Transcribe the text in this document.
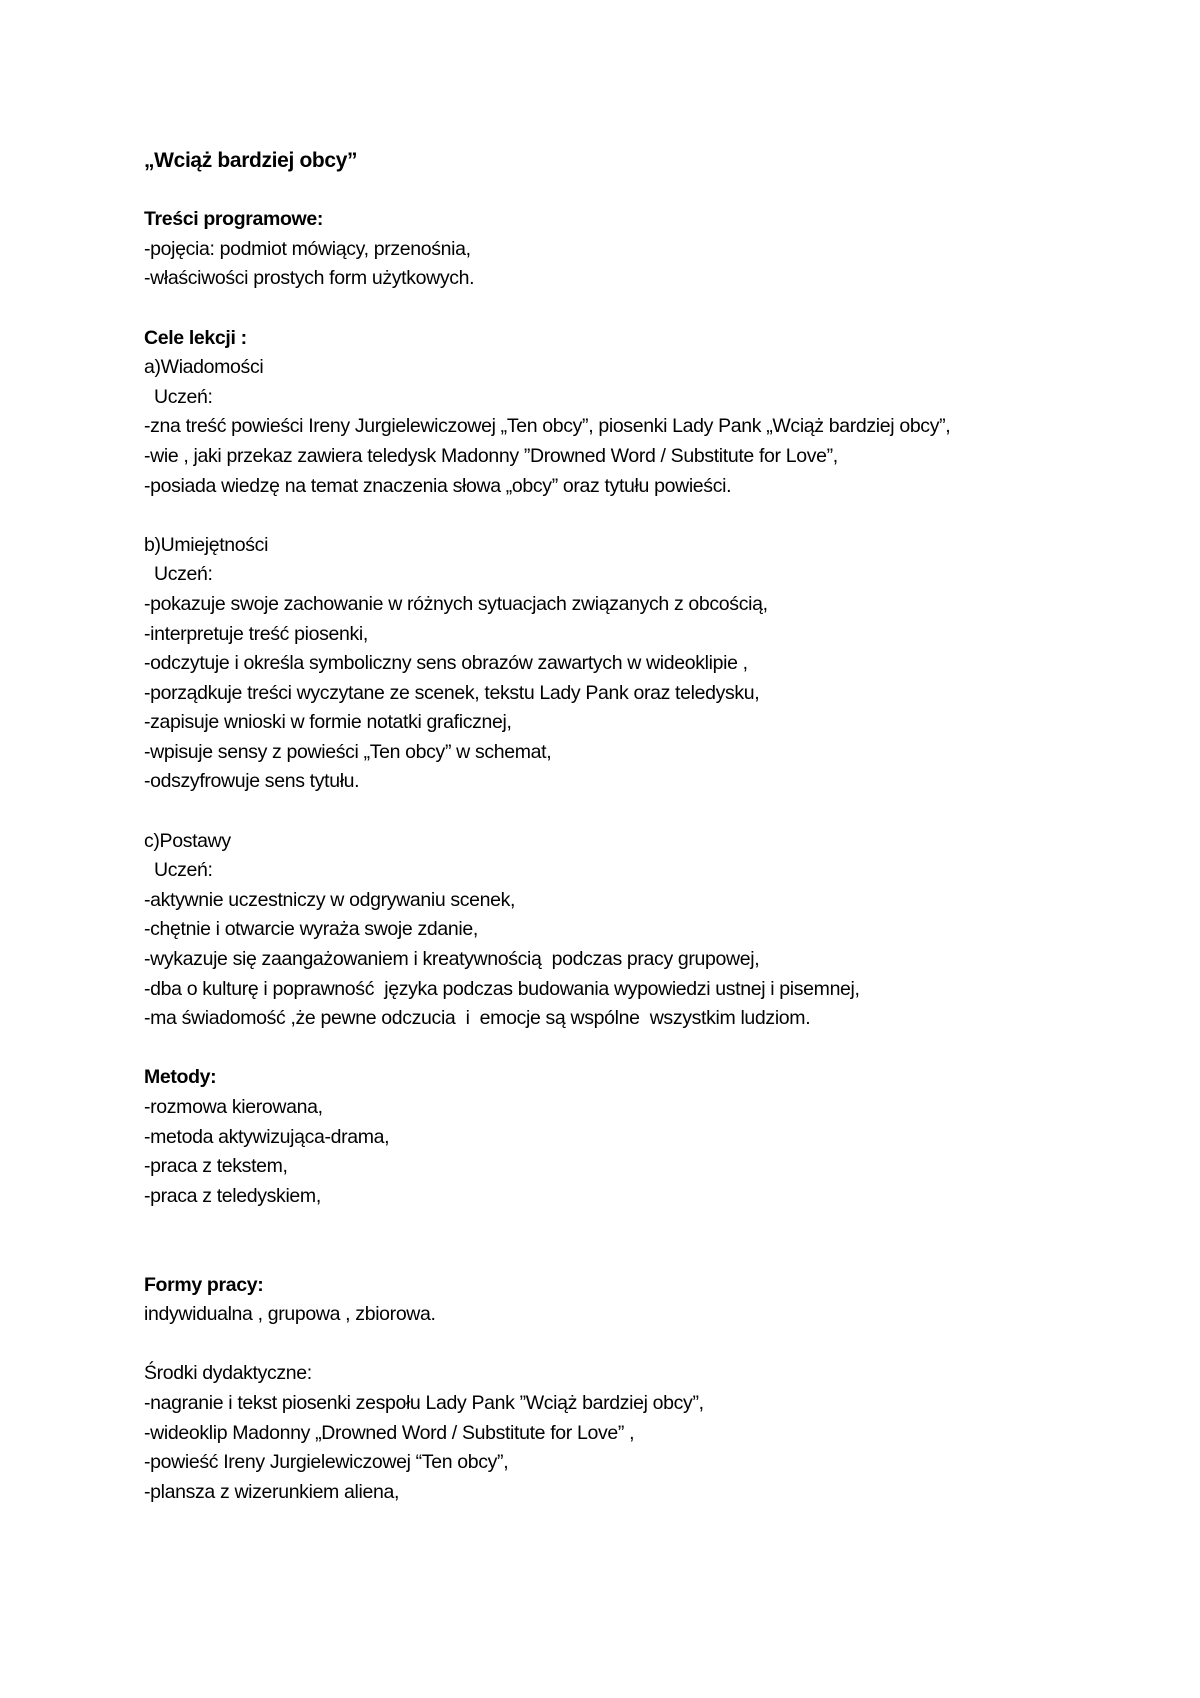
„Wciąż bardziej obcy”
Treści programowe:
-pojęcia: podmiot mówiący, przenośnia,
-właściwości prostych form użytkowych.
Cele lekcji :
a)Wiadomości
Uczeń:
-zna treść powieści Ireny Jurgielewiczowej „Ten obcy”, piosenki Lady Pank „Wciąż bardziej obcy”,
-wie , jaki przekaz zawiera teledysk Madonny ”Drowned Word / Substitute for Love”,
-posiada wiedzę na temat znaczenia słowa „obcy” oraz tytułu powieści.
b)Umiejętności
Uczeń:
-pokazuje swoje zachowanie w różnych sytuacjach związanych z obcością,
-interpretuje treść piosenki,
-odczytuje i określa symboliczny sens obrazów zawartych w wideoklipie ,
-porządkuje treści wyczytane ze scenek, tekstu Lady Pank oraz teledysku,
-zapisuje wnioski w formie notatki graficznej,
-wpisuje sensy z powieści „Ten obcy” w schemat,
-odszyfrowuje sens tytułu.
c)Postawy
Uczeń:
-aktywnie uczestniczy w odgrywaniu scenek,
-chętnie i otwarcie wyraża swoje zdanie,
-wykazuje się zaangażowaniem i kreatywnością  podczas pracy grupowej,
-dba o kulturę i poprawność  języka podczas budowania wypowiedzi ustnej i pisemnej,
-ma świadomość ,że pewne odczucia  i  emocje są wspólne  wszystkim ludziom.
Metody:
-rozmowa kierowana,
-metoda aktywizująca-drama,
-praca z tekstem,
-praca z teledyskiem,
Formy pracy:
indywidualna , grupowa , zbiorowa.
Środki dydaktyczne:
-nagranie i tekst piosenki zespołu Lady Pank ”Wciąż bardziej obcy”,
-wideoklip Madonny „Drowned Word / Substitute for Love” ,
-powieść Ireny Jurgielewiczowej “Ten obcy”,
-plansza z wizerunkiem aliena,
